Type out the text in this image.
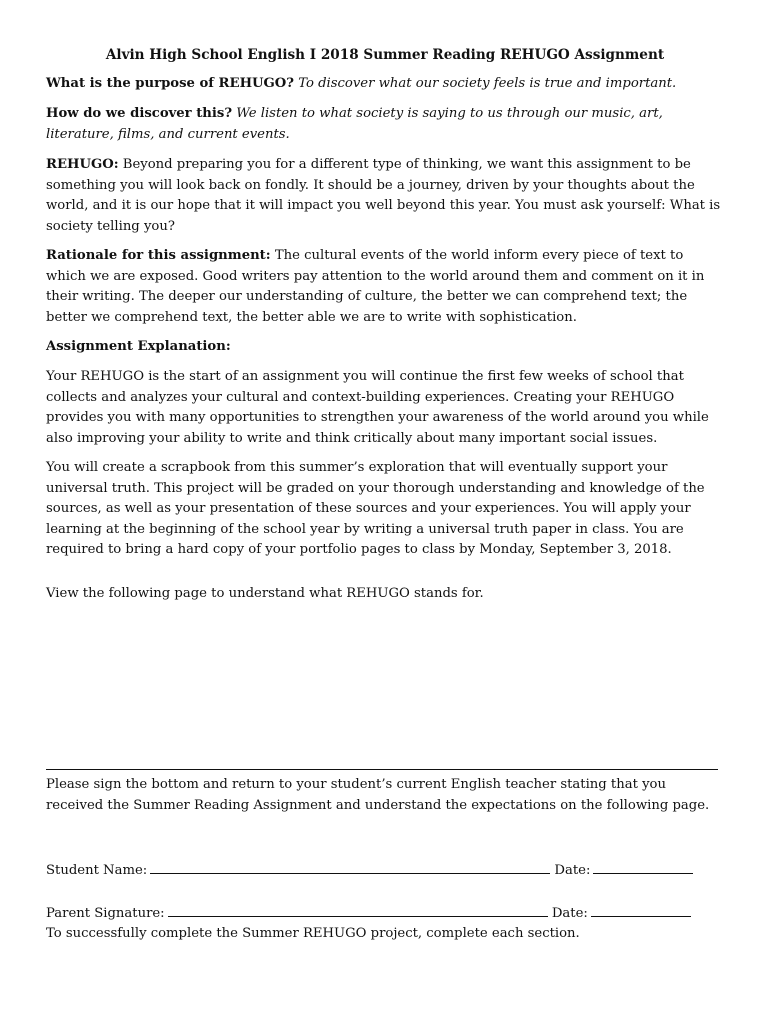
Alvin High School English I 2018 Summer Reading REHUGO Assignment

What is the purpose of REHUGO? To discover what our society feels is true and important.

How do we discover this? We listen to what society is saying to us through our music, art, literature, films, and current events.

REHUGO: Beyond preparing you for a different type of thinking, we want this assignment to be something you will look back on fondly. It should be a journey, driven by your thoughts about the world, and it is our hope that it will impact you well beyond this year. You must ask yourself: What is society telling you?

Rationale for this assignment: The cultural events of the world inform every piece of text to which we are exposed. Good writers pay attention to the world around them and comment on it in their writing. The deeper our understanding of culture, the better we can comprehend text; the better we comprehend text, the better able we are to write with sophistication.

Assignment Explanation:

Your REHUGO is the start of an assignment you will continue the first few weeks of school that collects and analyzes your cultural and context-building experiences. Creating your REHUGO provides you with many opportunities to strengthen your awareness of the world around you while also improving your ability to write and think critically about many important social issues.

You will create a scrapbook from this summer’s exploration that will eventually support your universal truth. This project will be graded on your thorough understanding and knowledge of the sources, as well as your presentation of these sources and your experiences. You will apply your learning at the beginning of the school year by writing a universal truth paper in class. You are required to bring a hard copy of your portfolio pages to class by Monday, September 3, 2018.

View the following page to understand what REHUGO stands for.

Please sign the bottom and return to your student’s current English teacher stating that you received the Summer Reading Assignment and understand the expectations on the following page.

Student Name:	Date:

Parent Signature:	Date:

To successfully complete the Summer REHUGO project, complete each section.
